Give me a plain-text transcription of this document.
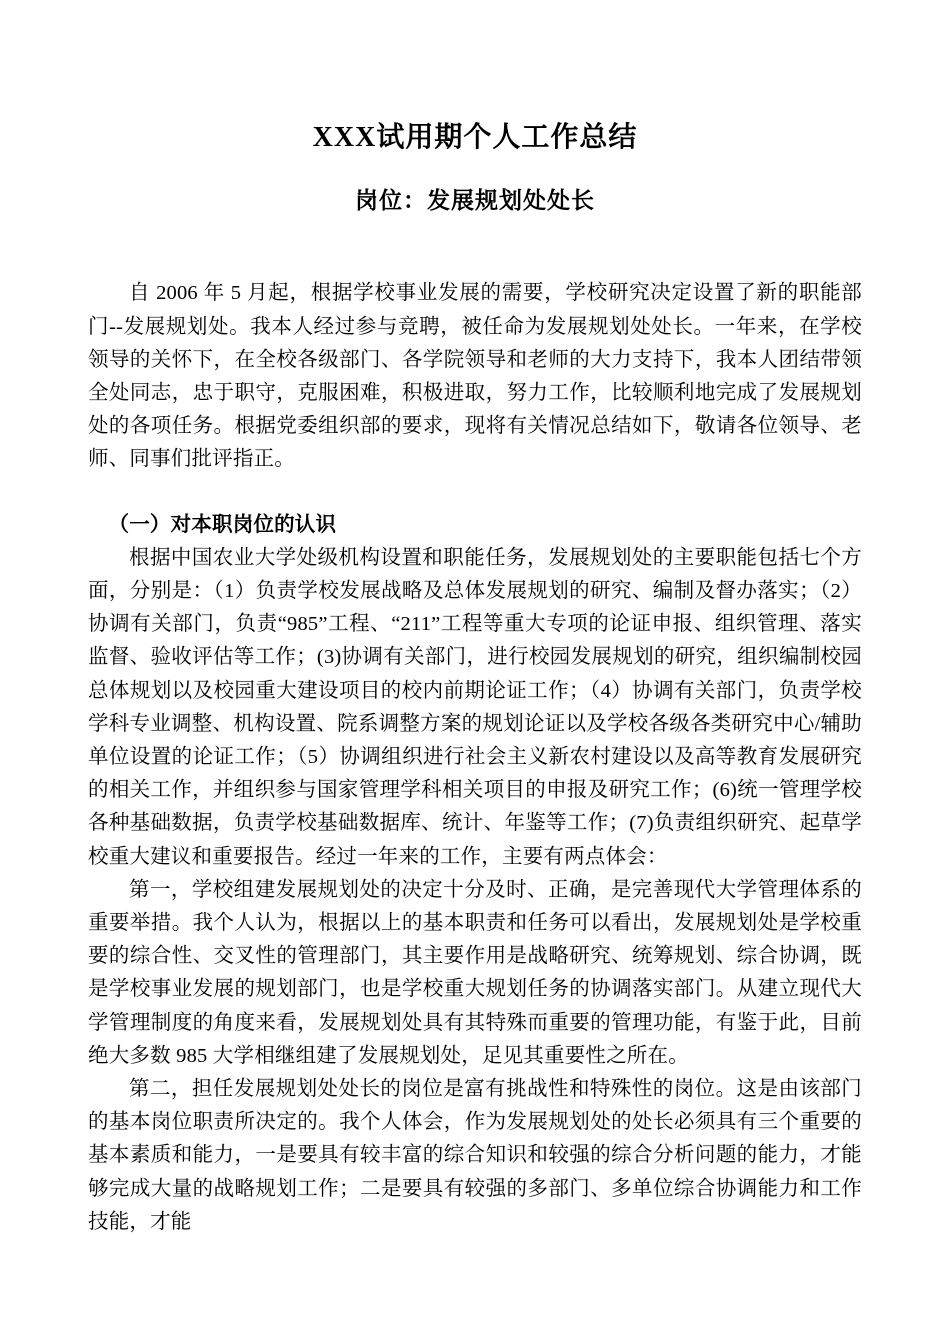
XXX试用期个人工作总结
岗位：发展规划处处长

自 2006 年 5 月起，根据学校事业发展的需要，学校研究决定设置了新的职能部门--发展规划处。我本人经过参与竞聘，被任命为发展规划处处长。一年来，在学校领导的关怀下，在全校各级部门、各学院领导和老师的大力支持下，我本人团结带领全处同志，忠于职守，克服困难，积极进取，努力工作，比较顺利地完成了发展规划处的各项任务。根据党委组织部的要求，现将有关情况总结如下，敬请各位领导、老师、同事们批评指正。

（一）对本职岗位的认识

根据中国农业大学处级机构设置和职能任务，发展规划处的主要职能包括七个方面，分别是：（1）负责学校发展战略及总体发展规划的研究、编制及督办落实；（2）协调有关部门，负责“985”工程、“211”工程等重大专项的论证申报、组织管理、落实监督、验收评估等工作；(3)协调有关部门，进行校园发展规划的研究，组织编制校园总体规划以及校园重大建设项目的校内前期论证工作；（4）协调有关部门，负责学校学科专业调整、机构设置、院系调整方案的规划论证以及学校各级各类研究中心/辅助单位设置的论证工作；（5）协调组织进行社会主义新农村建设以及高等教育发展研究的相关工作，并组织参与国家管理学科相关项目的申报及研究工作；(6)统一管理学校各种基础数据，负责学校基础数据库、统计、年鉴等工作；(7)负责组织研究、起草学校重大建议和重要报告。经过一年来的工作，主要有两点体会：

第一，学校组建发展规划处的决定十分及时、正确，是完善现代大学管理体系的重要举措。我个人认为，根据以上的基本职责和任务可以看出，发展规划处是学校重要的综合性、交叉性的管理部门，其主要作用是战略研究、统筹规划、综合协调，既是学校事业发展的规划部门，也是学校重大规划任务的协调落实部门。从建立现代大学管理制度的角度来看，发展规划处具有其特殊而重要的管理功能，有鉴于此，目前绝大多数 985 大学相继组建了发展规划处，足见其重要性之所在。

第二，担任发展规划处处长的岗位是富有挑战性和特殊性的岗位。这是由该部门的基本岗位职责所决定的。我个人体会，作为发展规划处的处长必须具有三个重要的基本素质和能力，一是要具有较丰富的综合知识和较强的综合分析问题的能力，才能够完成大量的战略规划工作；二是要具有较强的多部门、多单位综合协调能力和工作技能，才能
